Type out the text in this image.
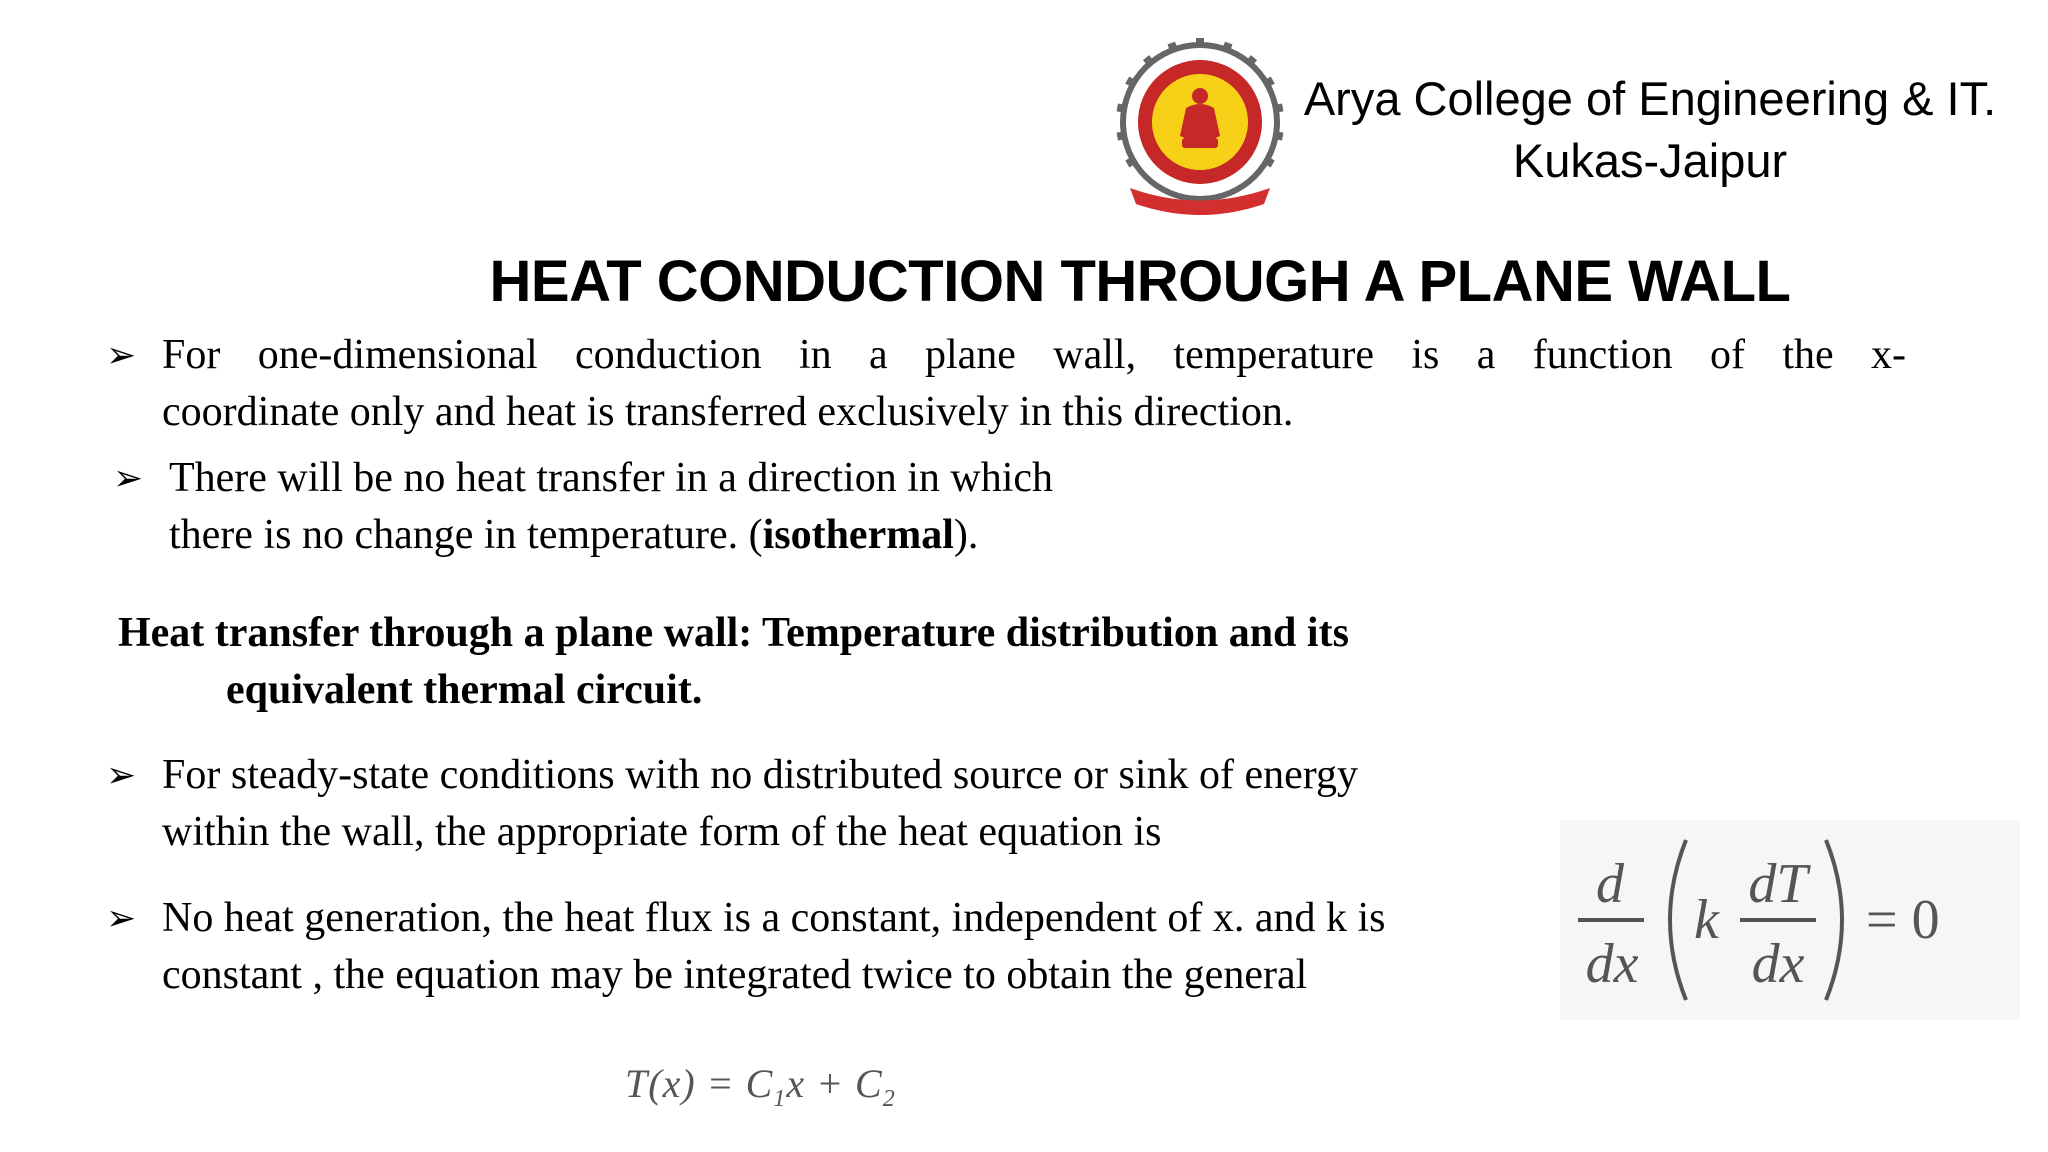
Arya College of Engineering & IT.
Kukas-Jaipur
HEAT CONDUCTION THROUGH A PLANE WALL
➢ For one-dimensional conduction in a plane wall, temperature is a function of the x-
coordinate only and heat is transferred exclusively in this direction.
➢ There will be no heat transfer in a direction in which
there is no change in temperature. (isothermal).
Heat transfer through a plane wall: Temperature distribution and its
equivalent thermal circuit.
➢ For steady-state conditions with no distributed source or sink of energy
within the wall, the appropriate form of the heat equation is
➢ No heat generation, the heat flux is a constant, independent of x. and k is
constant , the equation may be integrated twice to obtain the general
d
dx
k
dT
dx
= 0
$T(x) = C_1x + C_2$
